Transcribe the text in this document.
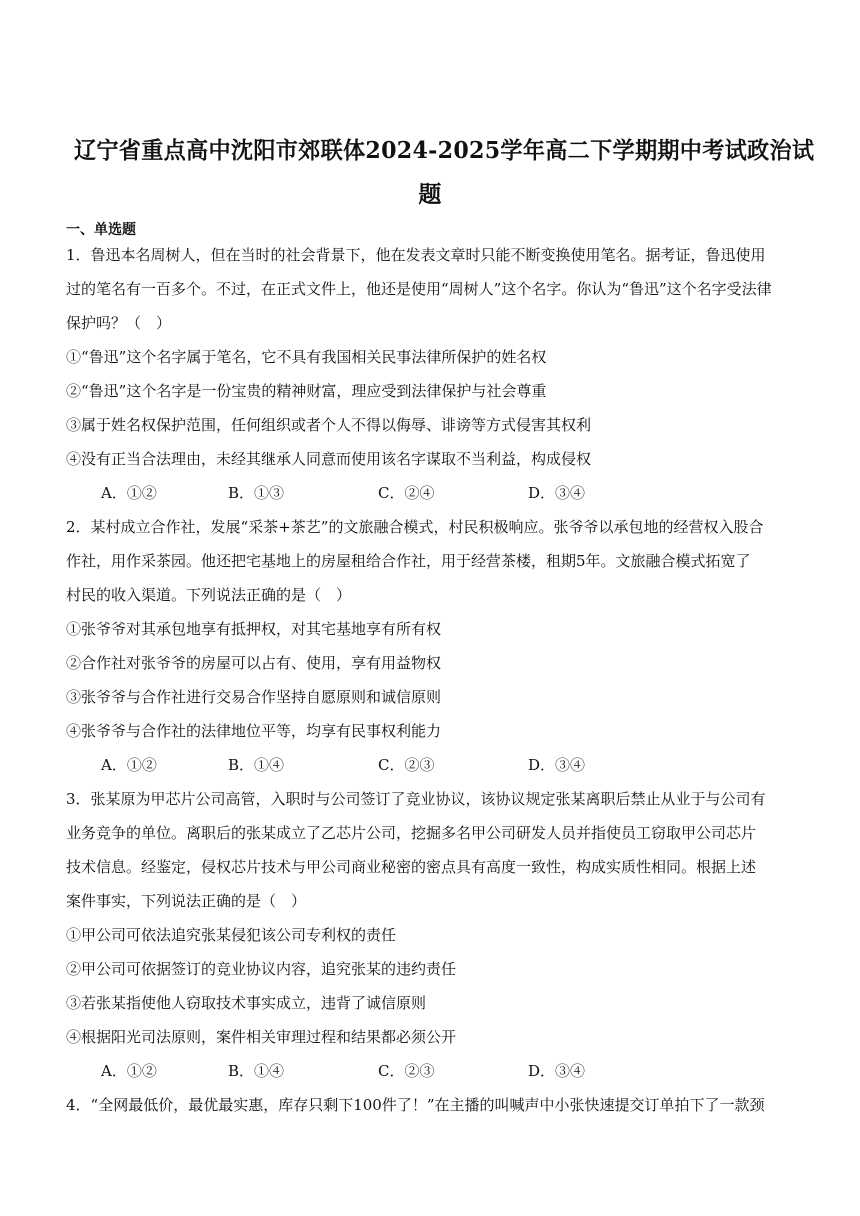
辽宁省重点高中沈阳市郊联体2024-2025学年高二下学期期中考试政治试
题
一、单选题
1．鲁迅本名周树人，但在当时的社会背景下，他在发表文章时只能不断变换使用笔名。据考证，鲁迅使用
过的笔名有一百多个。不过，在正式文件上，他还是使用“周树人”这个名字。你认为“鲁迅”这个名字受法律
保护吗？（　）
①“鲁迅”这个名字属于笔名，它不具有我国相关民事法律所保护的姓名权
②“鲁迅”这个名字是一份宝贵的精神财富，理应受到法律保护与社会尊重
③属于姓名权保护范围，任何组织或者个人不得以侮辱、诽谤等方式侵害其权利
④没有正当合法理由，未经其继承人同意而使用该名字谋取不当利益，构成侵权
A．①②	B．①③	C．②④	D．③④
2．某村成立合作社，发展“采茶+茶艺”的文旅融合模式，村民积极响应。张爷爷以承包地的经营权入股合
作社，用作采茶园。他还把宅基地上的房屋租给合作社，用于经营茶楼，租期5年。文旅融合模式拓宽了
村民的收入渠道。下列说法正确的是（　）
①张爷爷对其承包地享有抵押权，对其宅基地享有所有权
②合作社对张爷爷的房屋可以占有、使用，享有用益物权
③张爷爷与合作社进行交易合作坚持自愿原则和诚信原则
④张爷爷与合作社的法律地位平等，均享有民事权利能力
A．①②	B．①④	C．②③	D．③④
3．张某原为甲芯片公司高管，入职时与公司签订了竞业协议，该协议规定张某离职后禁止从业于与公司有
业务竞争的单位。离职后的张某成立了乙芯片公司，挖掘多名甲公司研发人员并指使员工窃取甲公司芯片
技术信息。经鉴定，侵权芯片技术与甲公司商业秘密的密点具有高度一致性，构成实质性相同。根据上述
案件事实，下列说法正确的是（　）
①甲公司可依法追究张某侵犯该公司专利权的责任
②甲公司可依据签订的竞业协议内容，追究张某的违约责任
③若张某指使他人窃取技术事实成立，违背了诚信原则
④根据阳光司法原则，案件相关审理过程和结果都必须公开
A．①②	B．①④	C．②③	D．③④
4．“全网最低价，最优最实惠，库存只剩下100件了！”在主播的叫喊声中小张快速提交订单拍下了一款颈
